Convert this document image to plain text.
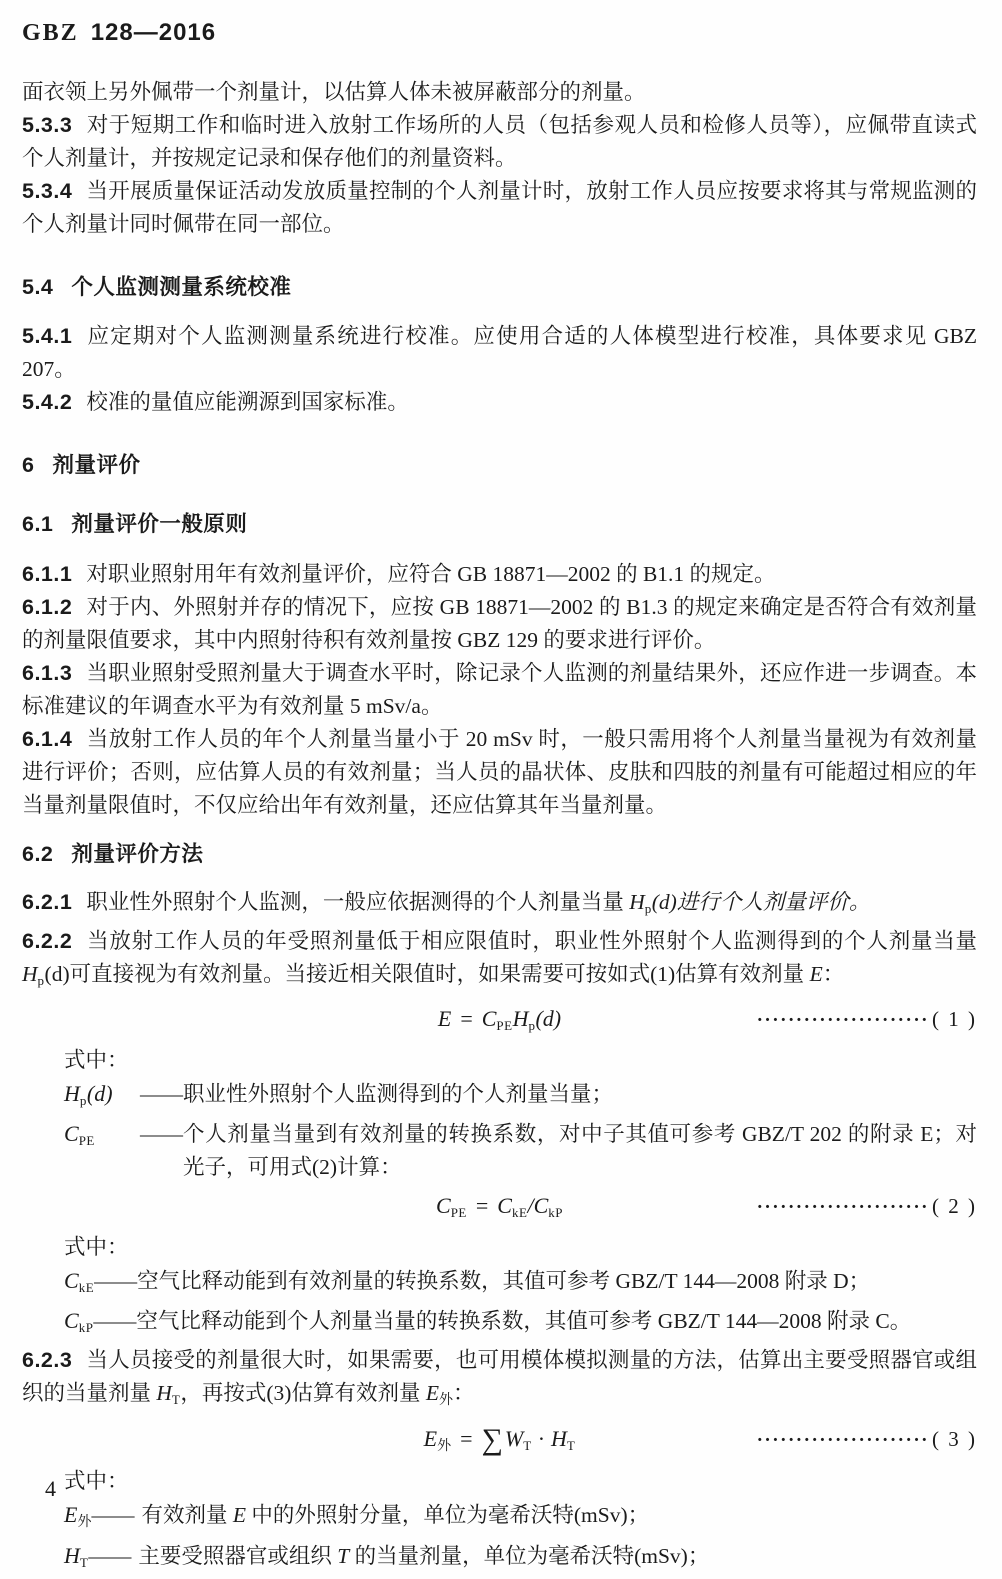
GBZ 128—2016

面衣领上另外佩带一个剂量计，以估算人体未被屏蔽部分的剂量。

5.3.3 对于短期工作和临时进入放射工作场所的人员（包括参观人员和检修人员等），应佩带直读式个人剂量计，并按规定记录和保存他们的剂量资料。

5.3.4 当开展质量保证活动发放质量控制的个人剂量计时，放射工作人员应按要求将其与常规监测的个人剂量计同时佩带在同一部位。

5.4 个人监测测量系统校准

5.4.1 应定期对个人监测测量系统进行校准。应使用合适的人体模型进行校准，具体要求见 GBZ 207。

5.4.2 校准的量值应能溯源到国家标准。

6 剂量评价
6.1 剂量评价一般原则

6.1.1 对职业照射用年有效剂量评价，应符合 GB 18871—2002 的 B1.1 的规定。

6.1.2 对于内、外照射并存的情况下，应按 GB 18871—2002 的 B1.3 的规定来确定是否符合有效剂量的剂量限值要求，其中内照射待积有效剂量按 GBZ 129 的要求进行评价。

6.1.3 当职业照射受照剂量大于调查水平时，除记录个人监测的剂量结果外，还应作进一步调查。本标准建议的年调查水平为有效剂量 5 mSv/a。

6.1.4 当放射工作人员的年个人剂量当量小于 20 mSv 时，一般只需用将个人剂量当量视为有效剂量进行评价；否则，应估算人员的有效剂量；当人员的晶状体、皮肤和四肢的剂量有可能超过相应的年当量剂量限值时，不仅应给出年有效剂量，还应估算其年当量剂量。

6.2 剂量评价方法

6.2.1 职业性外照射个人监测，一般应依据测得的个人剂量当量 $H_p(d)$进行个人剂量评价。

6.2.2 当放射工作人员的年受照剂量低于相应限值时，职业性外照射个人监测得到的个人剂量当量 $H_p(d)$可直接视为有效剂量。当接近相关限值时，如果需要可按如式(1)估算有效剂量 E：

$E = C_{PE}H_p(d)$	······················ ( 1 )
式中：
$H_p(d)$	—— 职业性外照射个人监测得到的个人剂量当量；
$C_{PE}$	—— 个人剂量当量到有效剂量的转换系数，对中子其值可参考 GBZ/T 202 的附录 E；对光子，可用式(2)计算：
$C_{PE} = C_{kE}/C_{kP}$	······················ ( 2 )
式中：
$C_{kE}$ —— 空气比释动能到有效剂量的转换系数，其值可参考 GBZ/T 144—2008 附录 D；
$C_{kP}$ —— 空气比释动能到个人剂量当量的转换系数，其值可参考 GBZ/T 144—2008 附录 C。

6.2.3 当人员接受的剂量很大时，如果需要，也可用模体模拟测量的方法，估算出主要受照器官或组织的当量剂量 $H_T$，再按式(3)估算有效剂量 $E_外$：

$E_外 = \sum W_T \cdot H_T$	······················ ( 3 )
式中：
$E_外$ —— 有效剂量 E 中的外照射分量，单位为毫希沃特(mSv)；
$H_T$ —— 主要受照器官或组织 T 的当量剂量，单位为毫希沃特(mSv)；
4
